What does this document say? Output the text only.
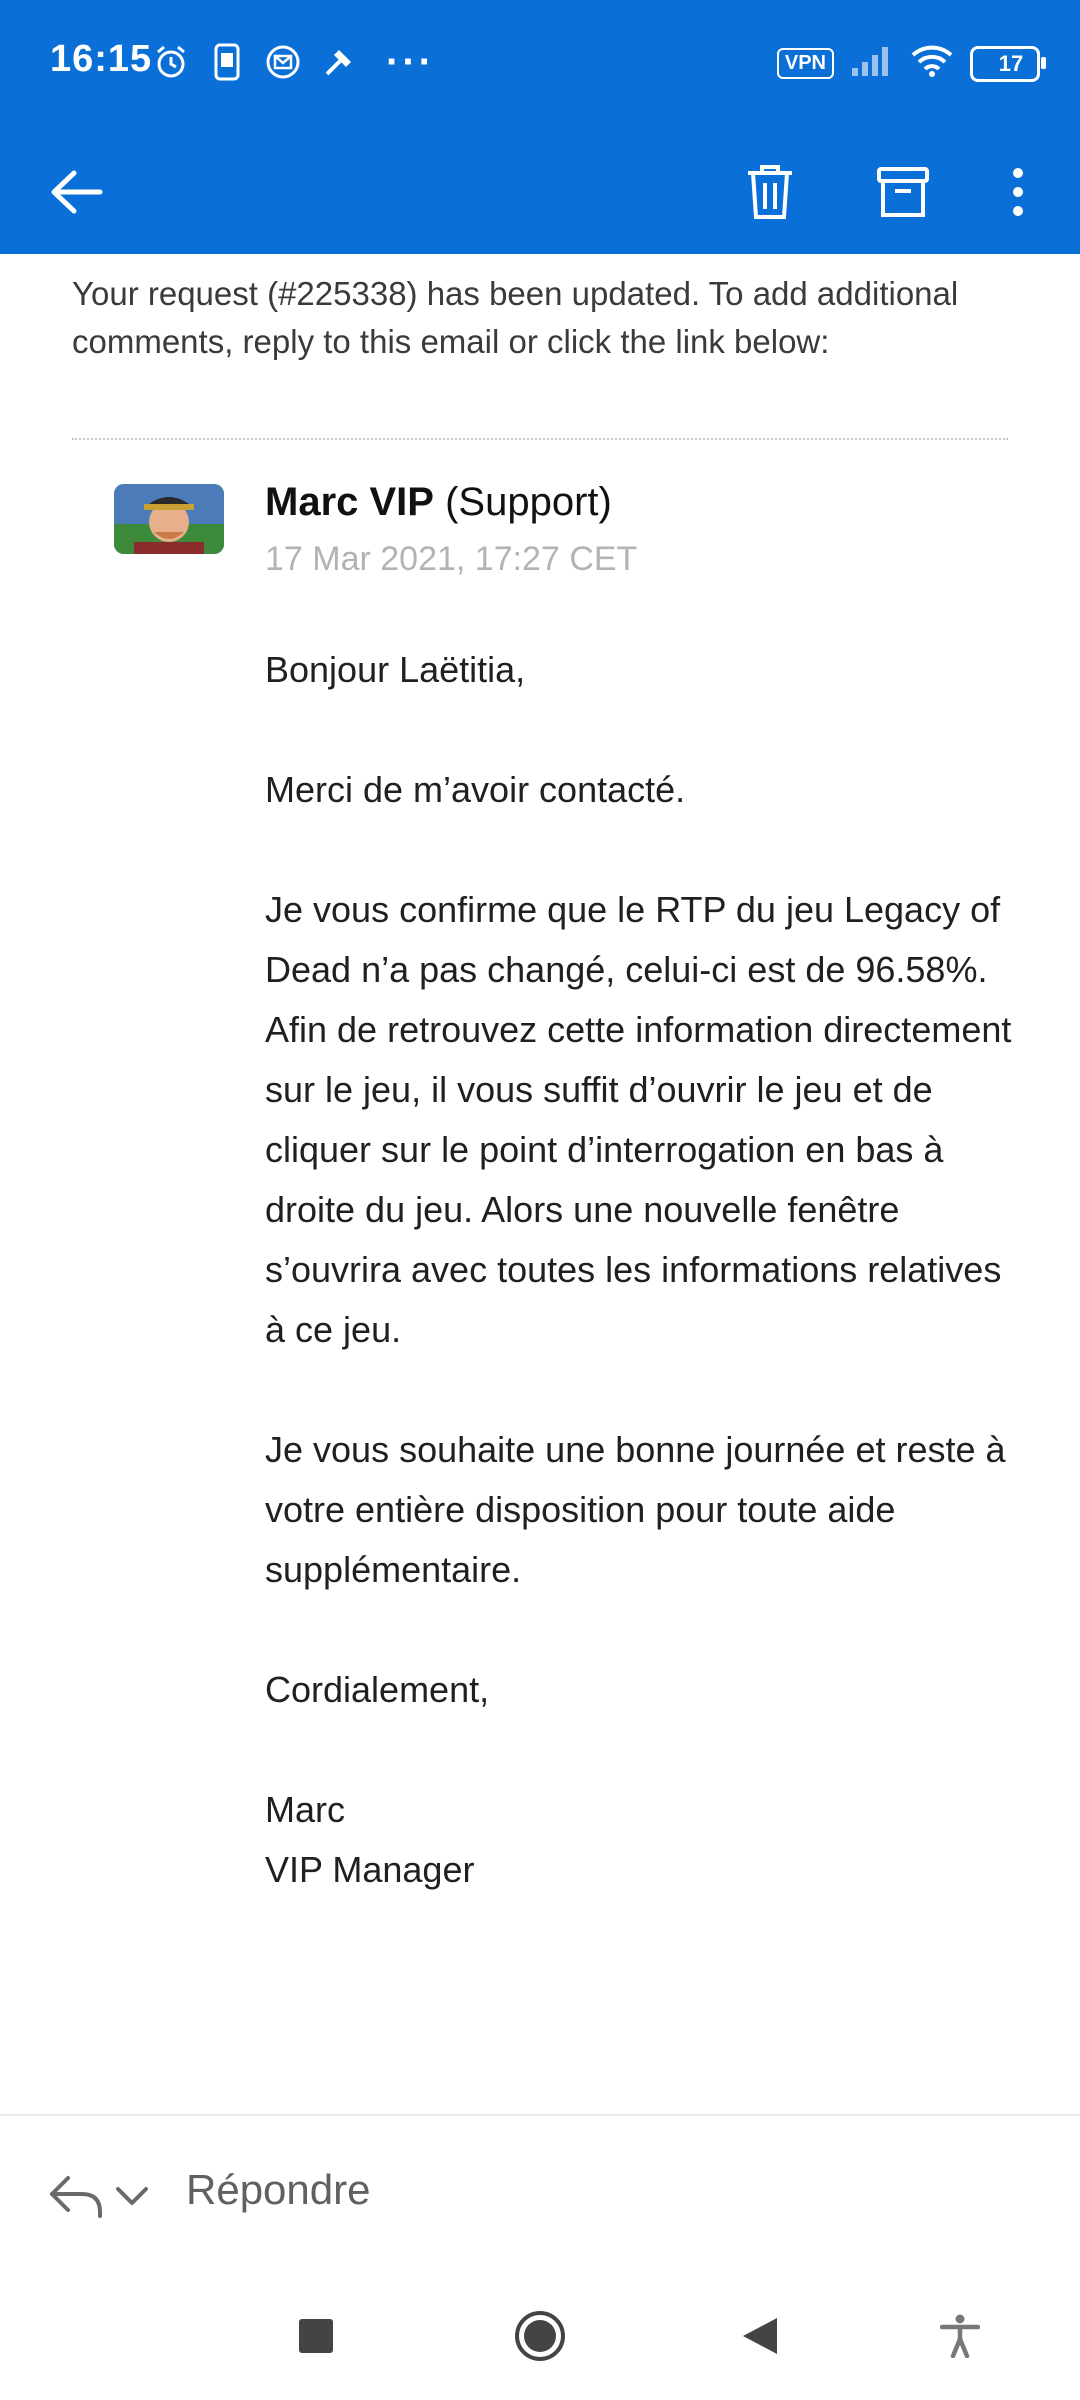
16:15	···	VPN	17
Your request (#225338) has been updated. To add additional comments, reply to this email or click the link below:
Marc VIP (Support)
17 Mar 2021, 17:27 CET

Bonjour Laëtitia,

Merci de m’avoir contacté.

Je vous confirme que le RTP du jeu Legacy of Dead n’a pas changé, celui-ci est de 96.58%.

Afin de retrouvez cette information directement sur le jeu, il vous suffit d’ouvrir le jeu et de cliquer sur le point d’interrogation en bas à droite du jeu. Alors une nouvelle fenêtre s’ouvrira avec toutes les informations relatives à ce jeu.

Je vous souhaite une bonne journée et reste à votre entière disposition pour toute aide supplémentaire.

Cordialement,

Marc

VIP Manager

Répondre
